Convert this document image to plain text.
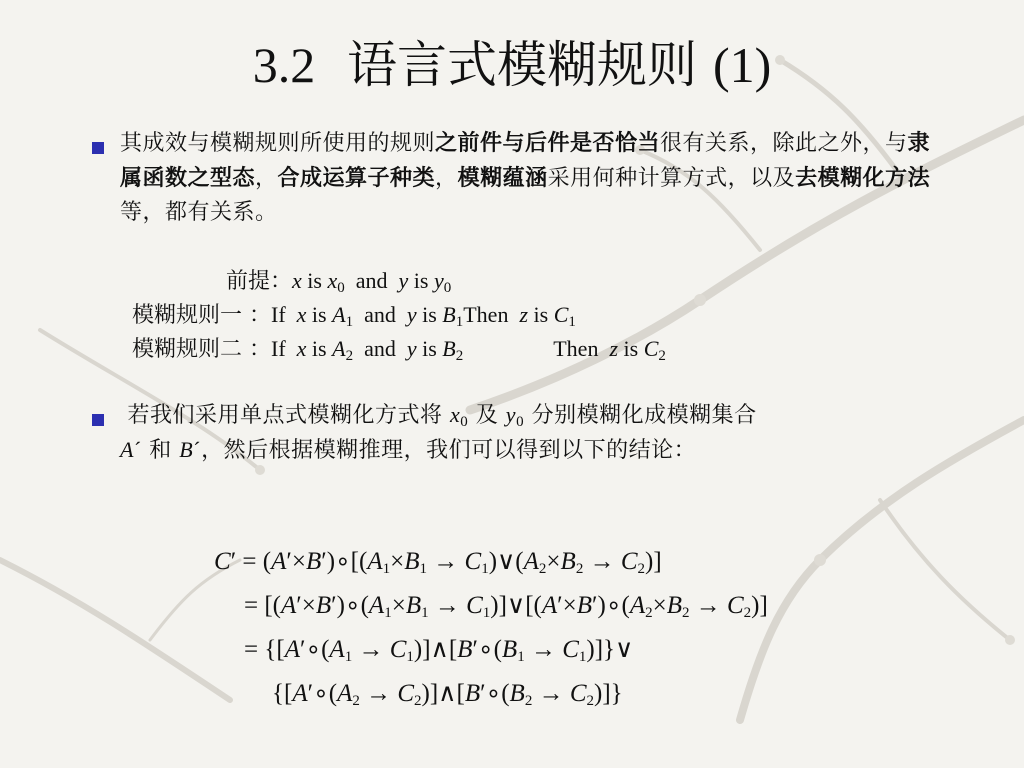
3.2 语言式模糊规则 (1)
其成效与模糊规则所使用的规则之前件与后件是否恰当很有关系，除此之外，与隶属函数之型态，合成运算子种类，模糊蕴涵采用何种计算方式，以及去模糊化方法等，都有关系。
前提：x is $x_0$  and  y is $y_0$
模糊规则一 ：If  x is $A_1$  and  y is $B_1Then$  z is $C_1$
模糊规则二 ：If  x is $A_2$  and  y is $B_2$	Then  z is $C_2$
若我们采用单点式模糊化方式将 $x_0$ 及 $y_0$ 分别模糊化成模糊集合
A´ 和 B´，然后根据模糊推理，我们可以得到以下的结论：
$C' = (A'\times B')\circ[(A_1\times B_1$ → $C_1)\vee(A_2\times B_2 \to C_2)$]
= [$(A'\times B')\circ(A_1\times B_1$ → $C_1)]\vee[(A'\times B')\circ(A_2\times B_2 \to C_2)]$
= {[$A'\circ(A_1$ → $C_1)]\wedge[B'\circ(B_1$ → $C_1)]\}\vee$
{[$A'\circ(A_2$ → $C_2)]\wedge[B'\circ(B_2 \to C_2)]$}
